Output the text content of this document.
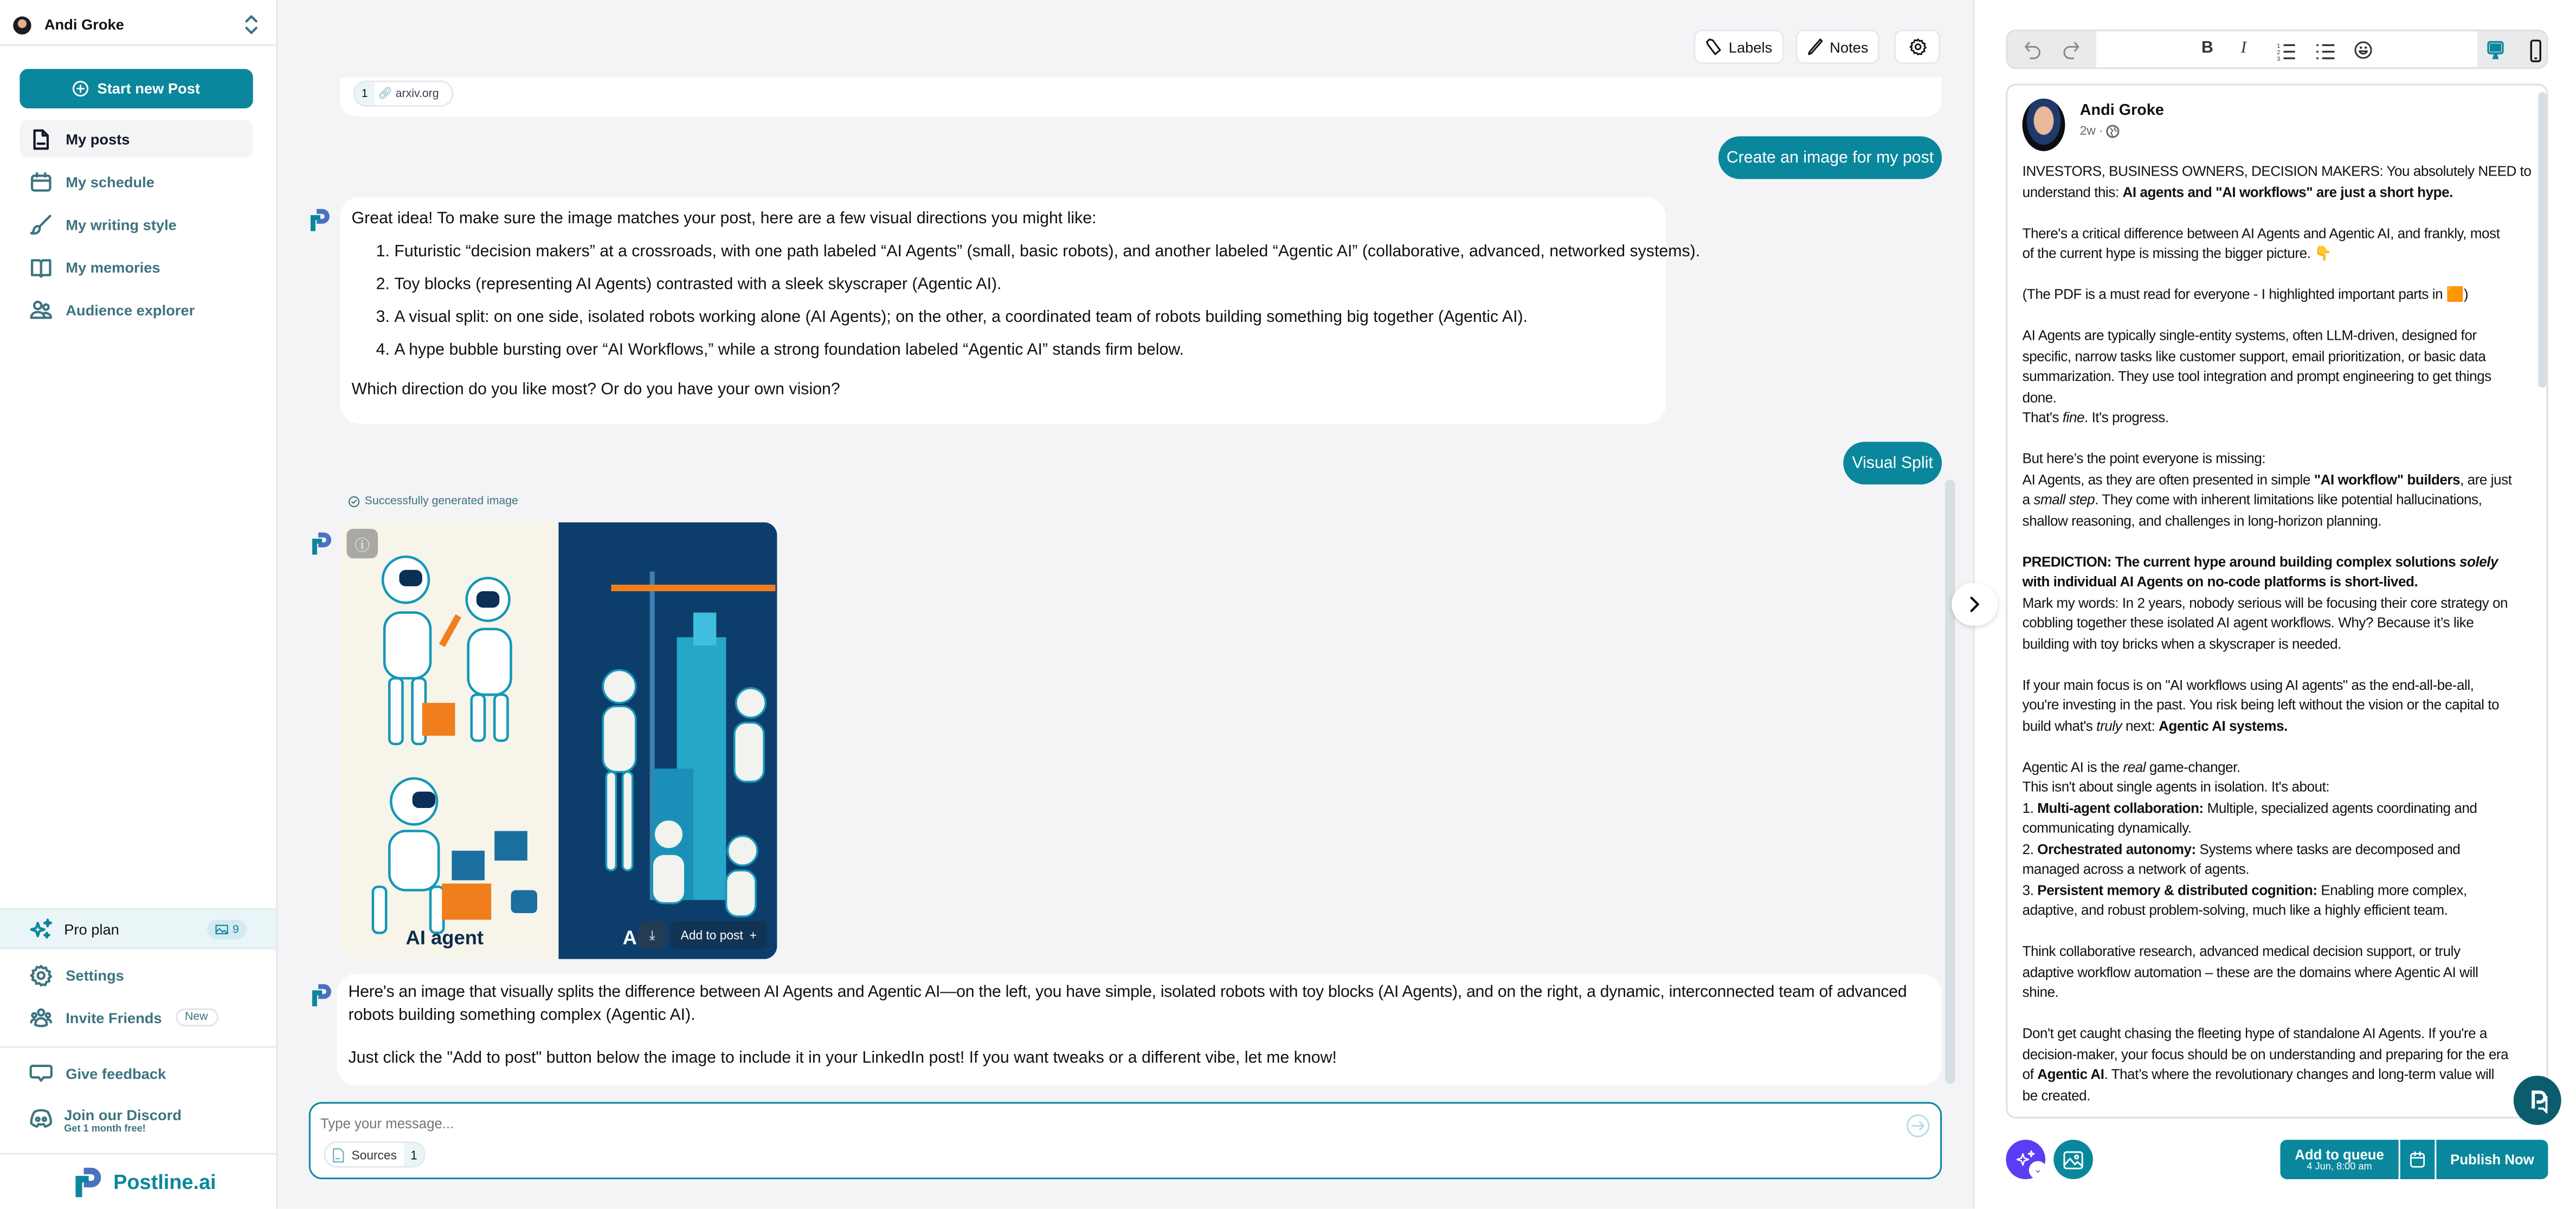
Andi Groke
Start new Post
My posts
My schedule
My writing style
My memories
Audience explorer
Pro plan	9
Settings
Invite Friends	New
Give feedback
Join our Discord
Get 1 month free!
Postline.ai
Labels	Notes
1	🔗︎ arxiv.org
Create an image for my post
Great idea! To make sure the image matches your post, here are a few visual directions you might like:
1. Futuristic “decision makers” at a crossroads, with one path labeled “AI Agents” (small, basic robots), and another labeled “Agentic AI” (collaborative, advanced, networked systems).
2. Toy blocks (representing AI Agents) contrasted with a sleek skyscraper (Agentic AI).
3. A visual split: on one side, isolated robots working alone (AI Agents); on the other, a coordinated team of robots building something big together (Agentic AI).
4. A hype bubble bursting over “AI Workflows,” while a strong foundation labeled “Agentic AI” stands firm below.
Which direction do you like most? Or do you have your own vision?
Visual Split
Successfully generated image
ⓘ
AI agent	A	⤓	Add to post +
Here's an image that visually splits the difference between AI Agents and Agentic AI—on the left, you have simple, isolated robots with toy blocks (AI Agents), and on the right, a dynamic, interconnected team of advanced
robots building something complex (Agentic AI).
Just click the "Add to post" button below the image to include it in your LinkedIn post! If you want tweaks or a different vibe, let me know!
Type your message...
Sources	1
B	I	1
2
3
Andi Groke
2w ·
INVESTORS, BUSINESS OWNERS, DECISION MAKERS: You absolutely NEED to
understand this: AI agents and "AI workflows" are just a short hype.
There's a critical difference between AI Agents and Agentic AI, and frankly, most
of the current hype is missing the bigger picture. 👇
(The PDF is a must read for everyone - I highlighted important parts in 🟧)
AI Agents are typically single-entity systems, often LLM-driven, designed for
specific, narrow tasks like customer support, email prioritization, or basic data
summarization. They use tool integration and prompt engineering to get things
done.
That's fine. It's progress.
But here’s the point everyone is missing:
AI Agents, as they are often presented in simple "AI workflow" builders, are just
a small step. They come with inherent limitations like potential hallucinations,
shallow reasoning, and challenges in long-horizon planning.
PREDICTION: The current hype around building complex solutions solely
with individual AI Agents on no-code platforms is short-lived.
Mark my words: In 2 years, nobody serious will be focusing their core strategy on
cobbling together these isolated AI agent workflows. Why? Because it’s like
building with toy bricks when a skyscraper is needed.
If your main focus is on "AI workflows using AI agents" as the end-all-be-all,
you're investing in the past. You risk being left without the vision or the capital to
build what's truly next: Agentic AI systems.
Agentic AI is the real game-changer.
This isn't about single agents in isolation. It's about:
1. Multi-agent collaboration: Multiple, specialized agents coordinating and
communicating dynamically.
2. Orchestrated autonomy: Systems where tasks are decomposed and
managed across a network of agents.
3. Persistent memory & distributed cognition: Enabling more complex,
adaptive, and robust problem-solving, much like a highly efficient team.
Think collaborative research, advanced medical decision support, or truly
adaptive workflow automation – these are the domains where Agentic AI will
shine.
Don't get caught chasing the fleeting hype of standalone AI Agents. If you're a
decision-maker, your focus should be on understanding and preparing for the era
of Agentic AI. That’s where the revolutionary changes and long-term value will
be created.
⌄
Add to queue
4 Jun, 8:00 am	Publish Now
